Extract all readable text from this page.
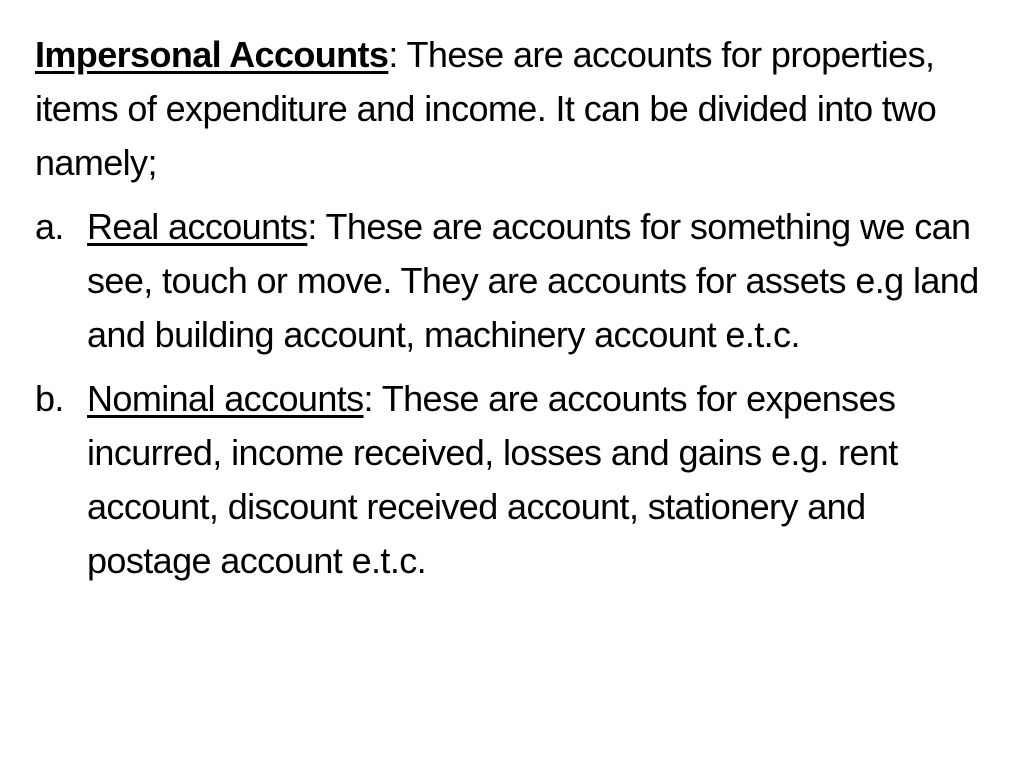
Impersonal Accounts: These are accounts for properties, items of expenditure and income. It can be divided into two namely;

a. Real accounts: These are accounts for something we can see, touch or move. They are accounts for assets e.g land and building account, machinery account e.t.c.
b. Nominal accounts: These are accounts for expenses incurred, income received, losses and gains e.g. rent account, discount received account, stationery and postage account e.t.c.
